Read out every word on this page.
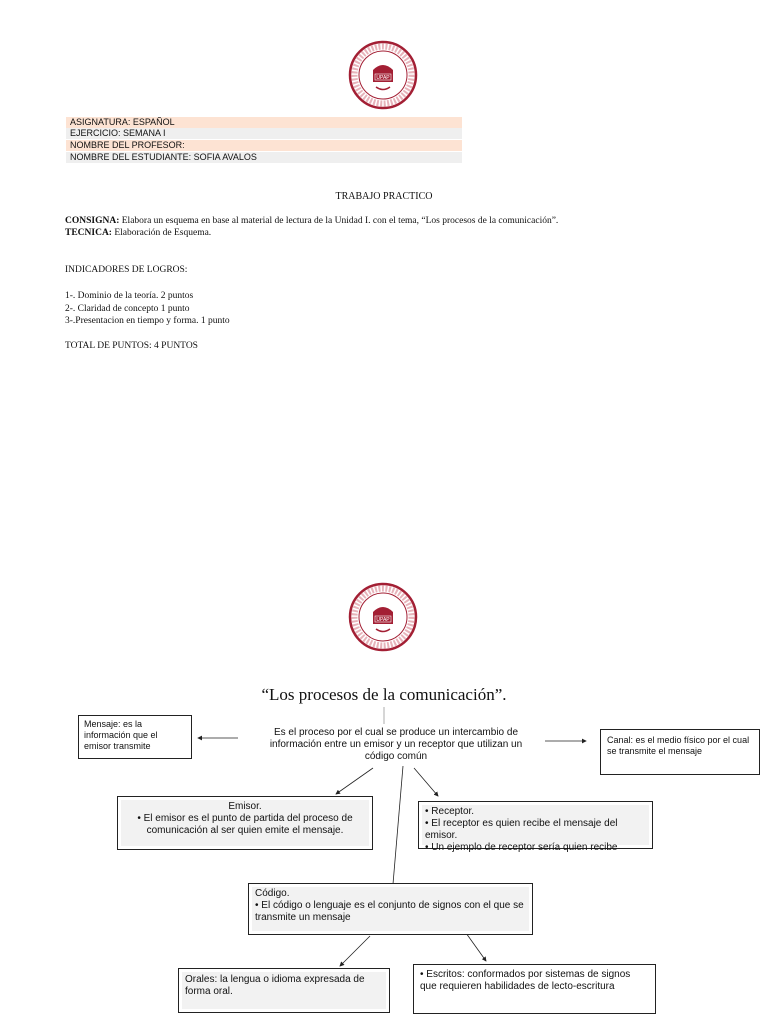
UPAP
ASIGNATURA: ESPAÑOL
EJERCICIO: SEMANA I
NOMBRE DEL PROFESOR:
NOMBRE DEL ESTUDIANTE: SOFIA AVALOS
TRABAJO PRACTICO
CONSIGNA: Elabora un esquema en base al material de lectura de la Unidad I. con el tema, “Los procesos de la comunicación”.
TECNICA: Elaboración de Esquema.
INDICADORES DE LOGROS:
1-. Dominio de la teoría. 2 puntos
2-. Claridad de concepto 1 punto
3-.Presentacion en tiempo y forma. 1 punto
TOTAL DE PUNTOS: 4 PUNTOS
UPAP
“Los procesos de la comunicación”.
Es el proceso por el cual se produce un intercambio de información entre un emisor y un receptor que utilizan un código común
Mensaje: es la información que el emisor transmite
Canal: es el medio físico por el cual se transmite el mensaje
Emisor.
• El emisor es el punto de partida del proceso de comunicación al ser quien emite el mensaje.
• Receptor.
• El receptor es quien recibe el mensaje del emisor.
• Un ejemplo de receptor sería quien recibe
Código.
• El código o lenguaje es el conjunto de signos con el que se transmite un mensaje
Orales: la lengua o idioma expresada de forma oral.
• Escritos: conformados por sistemas de signos que requieren habilidades de lecto-escritura
